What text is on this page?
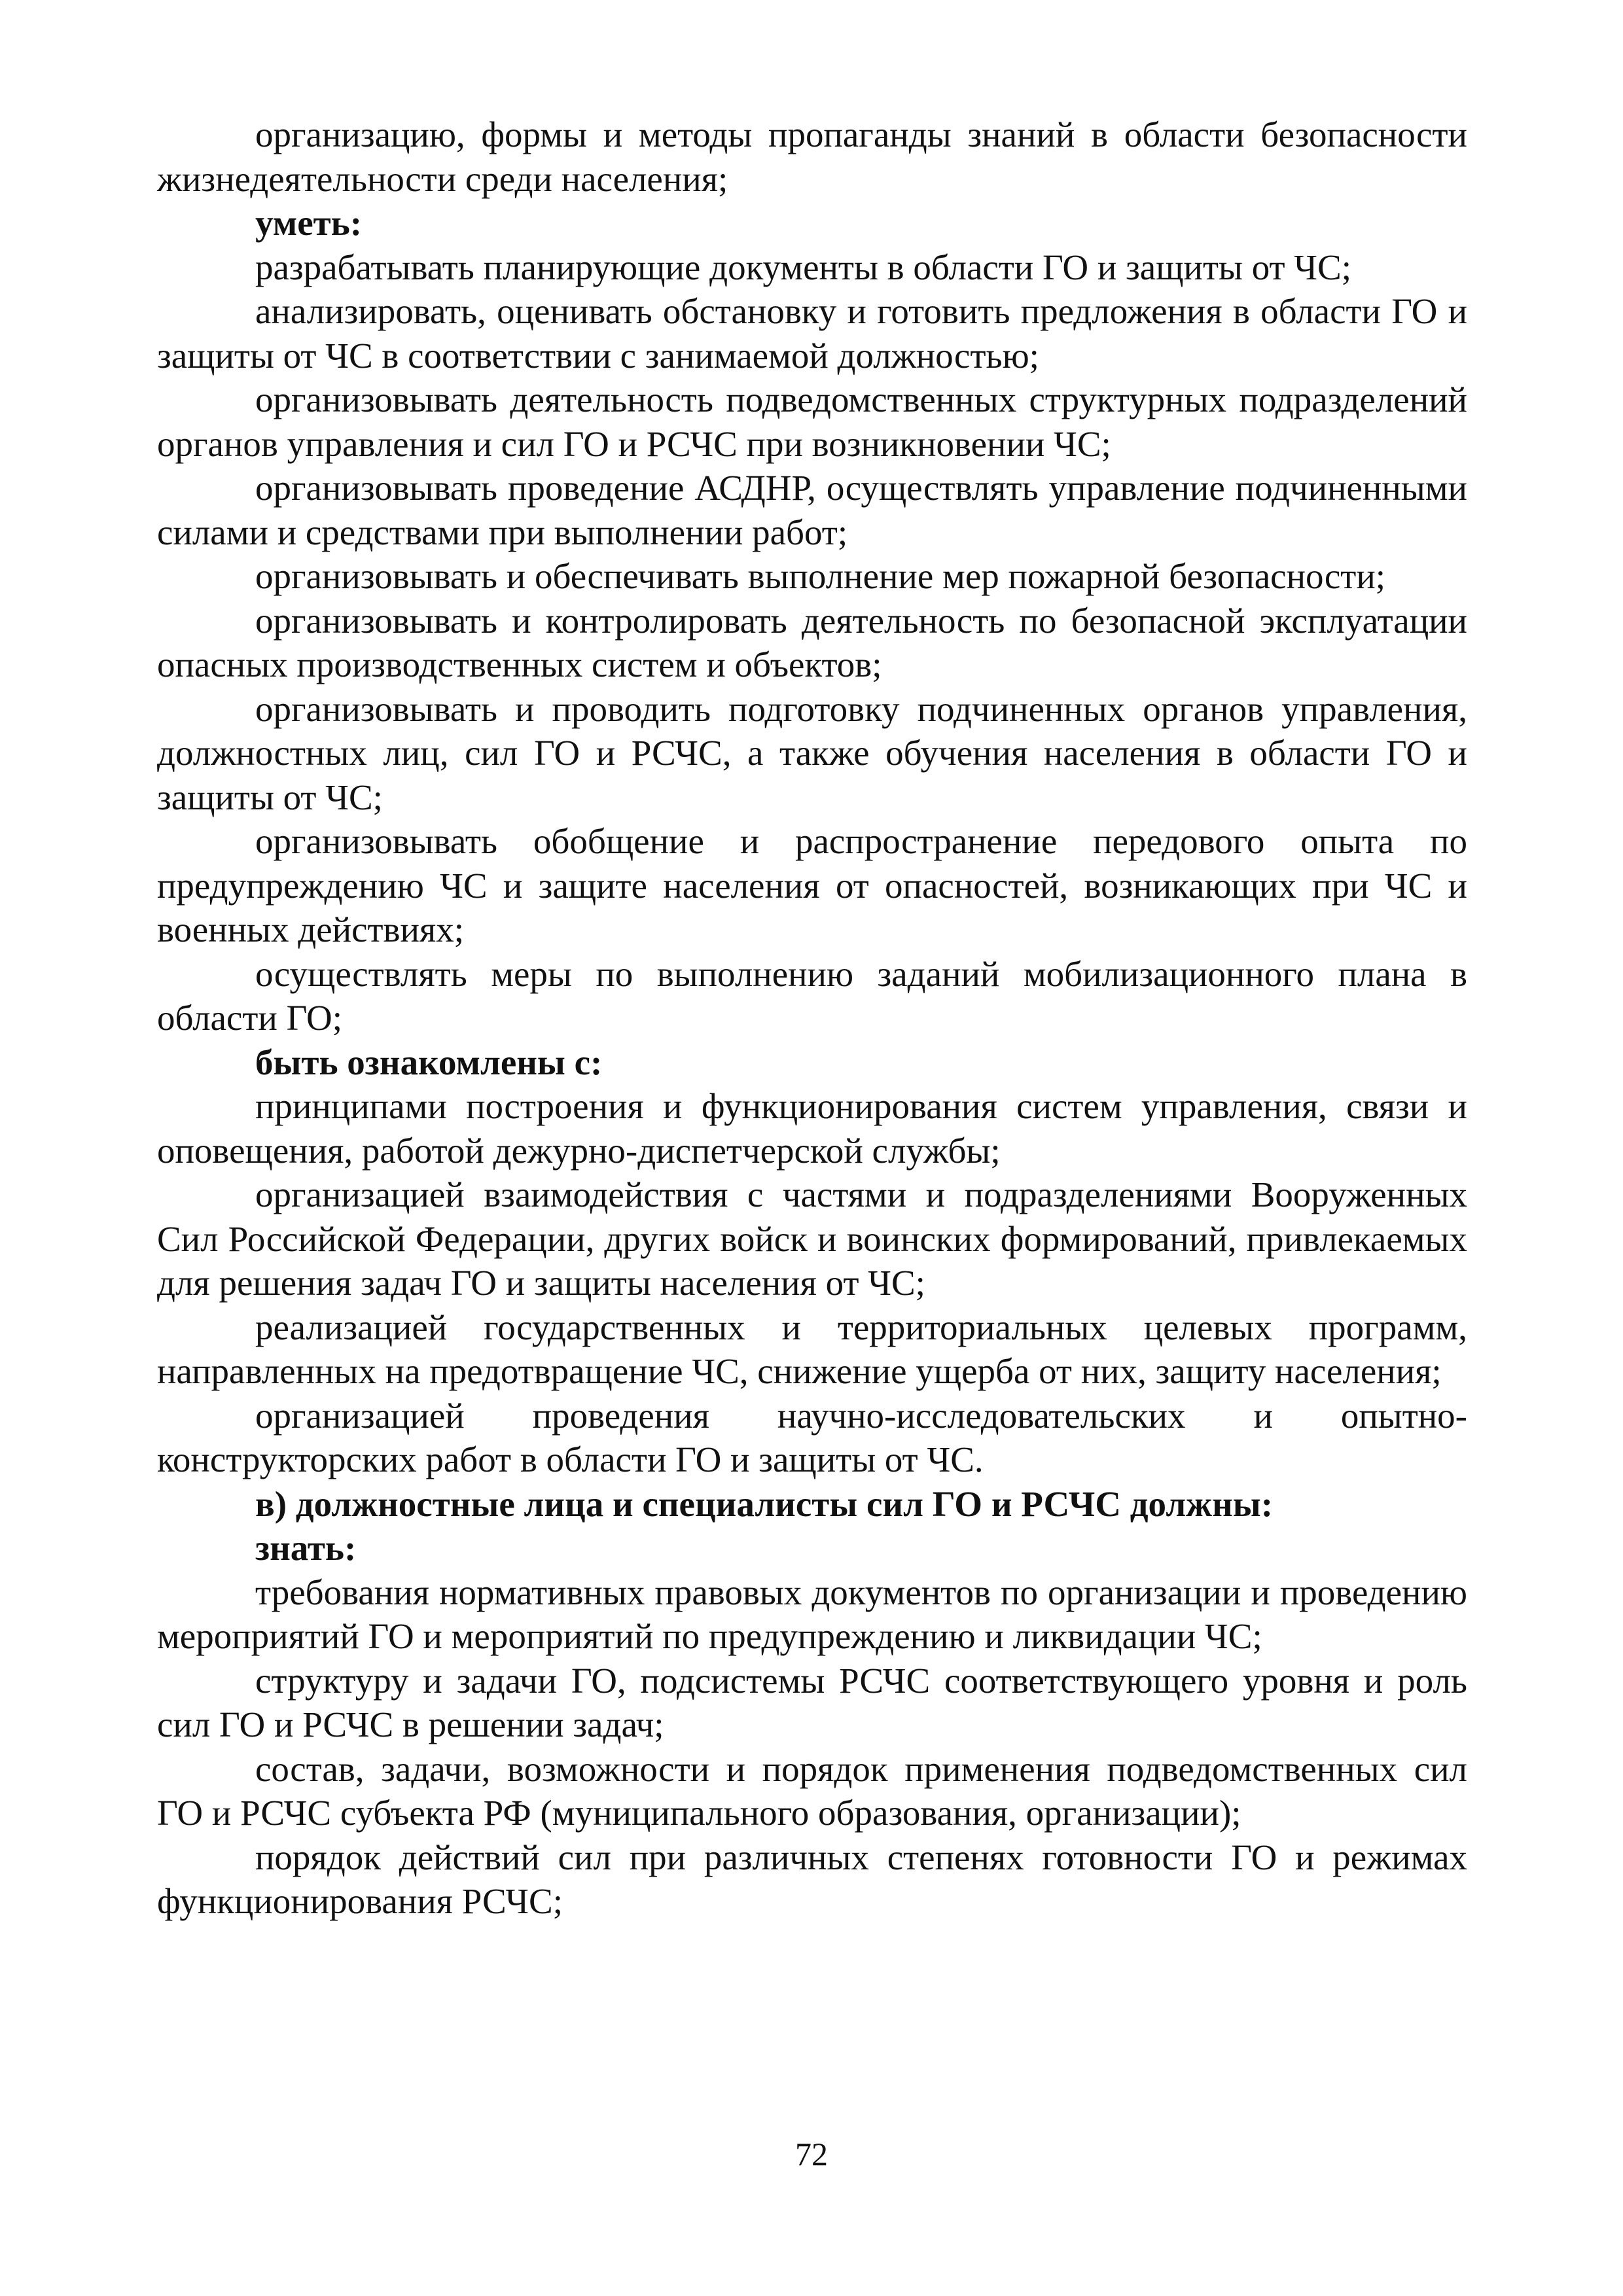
организацию, формы и методы пропаганды знаний в области безопасности жизнедеятельности среди населения;

уметь:

разрабатывать планирующие документы в области ГО и защиты от ЧС;

анализировать, оценивать обстановку и готовить предложения в области ГО и защиты от ЧС в соответствии с занимаемой должностью;

организовывать деятельность подведомственных структурных подразделений органов управления и сил ГО и РСЧС при возникновении ЧС;

организовывать проведение АСДНР, осуществлять управление подчиненными силами и средствами при выполнении работ;

организовывать и обеспечивать выполнение мер пожарной безопасности;

организовывать и контролировать деятельность по безопасной эксплуатации опасных производственных систем и объектов;

организовывать и проводить подготовку подчиненных органов управления, должностных лиц, сил ГО и РСЧС, а также обучения населения в области ГО и защиты от ЧС;

организовывать обобщение и распространение передового опыта по предупреждению ЧС и защите населения от опасностей, возникающих при ЧС и военных действиях;

осуществлять меры по выполнению заданий мобилизационного плана в области ГО;

быть ознакомлены с:

принципами построения и функционирования систем управления, связи и оповещения, работой дежурно-диспетчерской службы;

организацией взаимодействия с частями и подразделениями Вооруженных Сил Российской Федерации, других войск и воинских формирований, привлекаемых для решения задач ГО и защиты населения от ЧС;

реализацией государственных и территориальных целевых программ, направленных на предотвращение ЧС, снижение ущерба от них, защиту населения;

организацией проведения научно-исследовательских и опытно-конструкторских работ в области ГО и защиты от ЧС.

в) должностные лица и специалисты сил ГО и РСЧС должны:

знать:

требования нормативных правовых документов по организации и проведению мероприятий ГО и мероприятий по предупреждению и ликвидации ЧС;

структуру и задачи ГО, подсистемы РСЧС соответствующего уровня и роль сил ГО и РСЧС в решении задач;

состав, задачи, возможности и порядок применения подведомственных сил ГО и РСЧС субъекта РФ (муниципального образования, организации);

порядок действий сил при различных степенях готовности ГО и режимах функционирования РСЧС;

72
